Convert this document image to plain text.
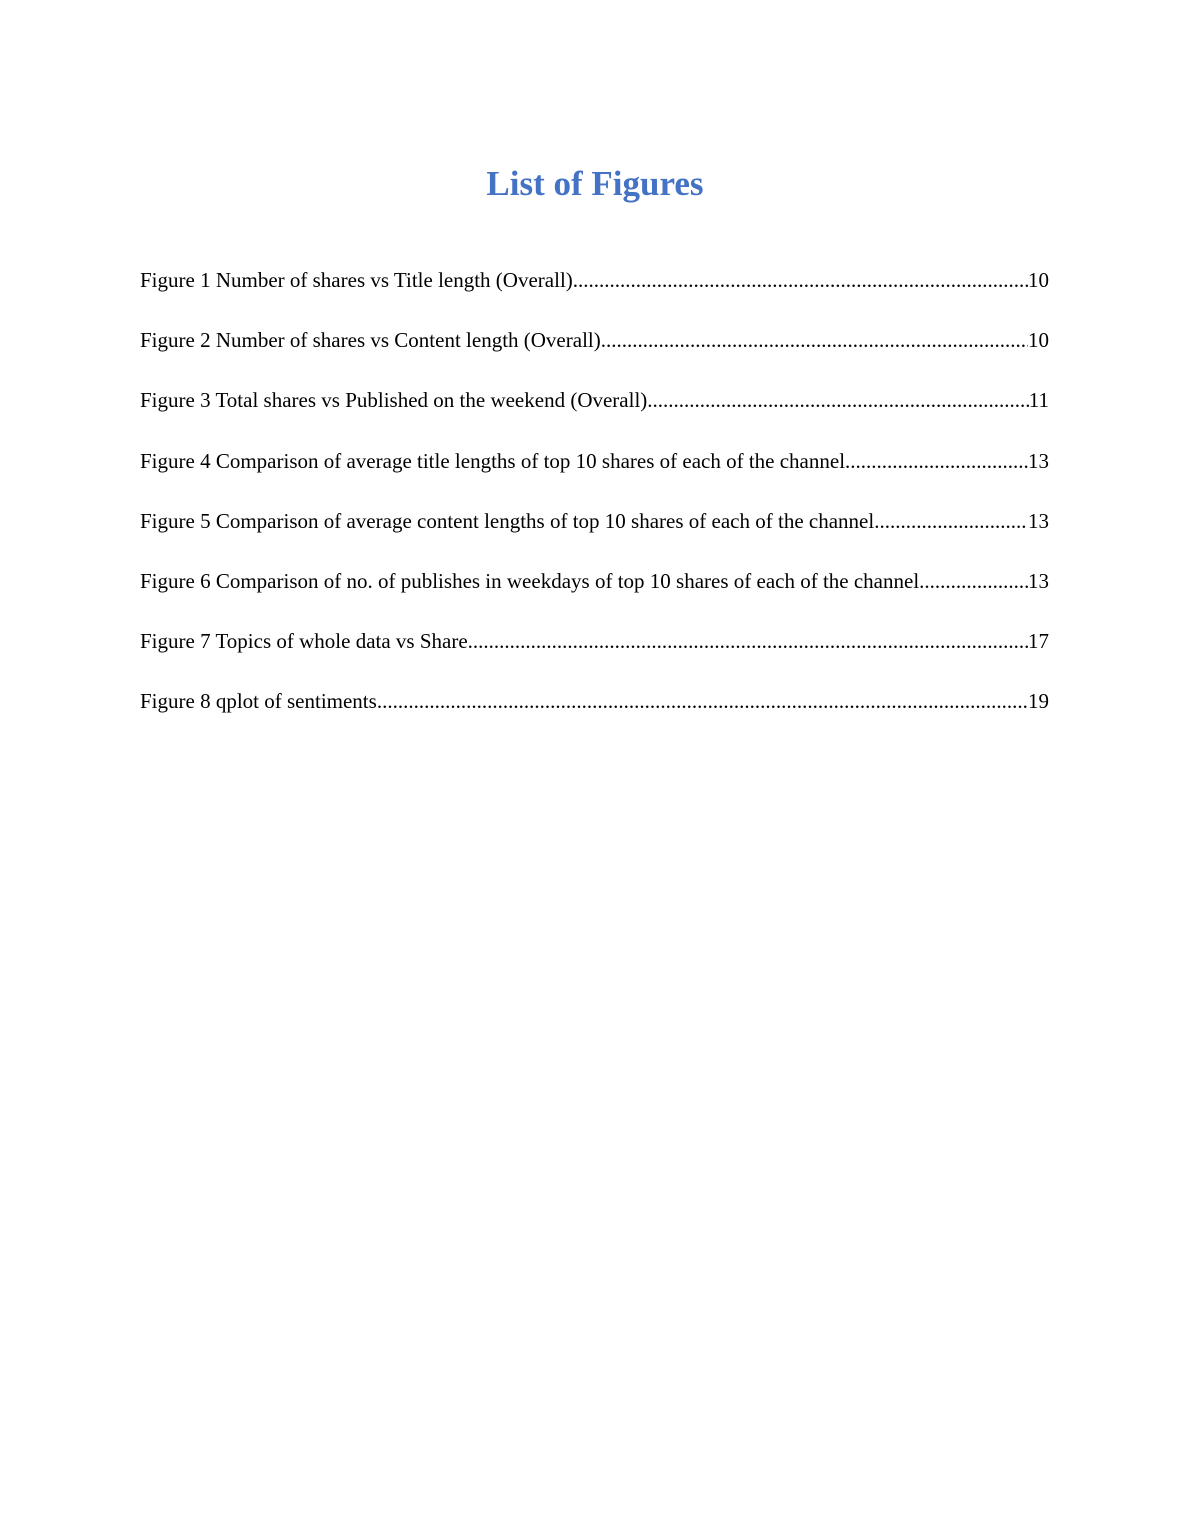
List of Figures
Figure 1 Number of shares vs Title length (Overall) .....	10
Figure 2 Number of shares vs Content length (Overall) .....	10
Figure 3 Total shares vs Published on the weekend (Overall) .....	11
Figure 4 Comparison of average title lengths of top 10 shares of each of the channel .....	13
Figure 5 Comparison of average content lengths of top 10 shares of each of the channel .....	13
Figure 6 Comparison of no. of publishes in weekdays of top 10 shares of each of the channel .....	13
Figure 7 Topics of whole data vs Share .....	17
Figure 8 qplot of sentiments .....	19
